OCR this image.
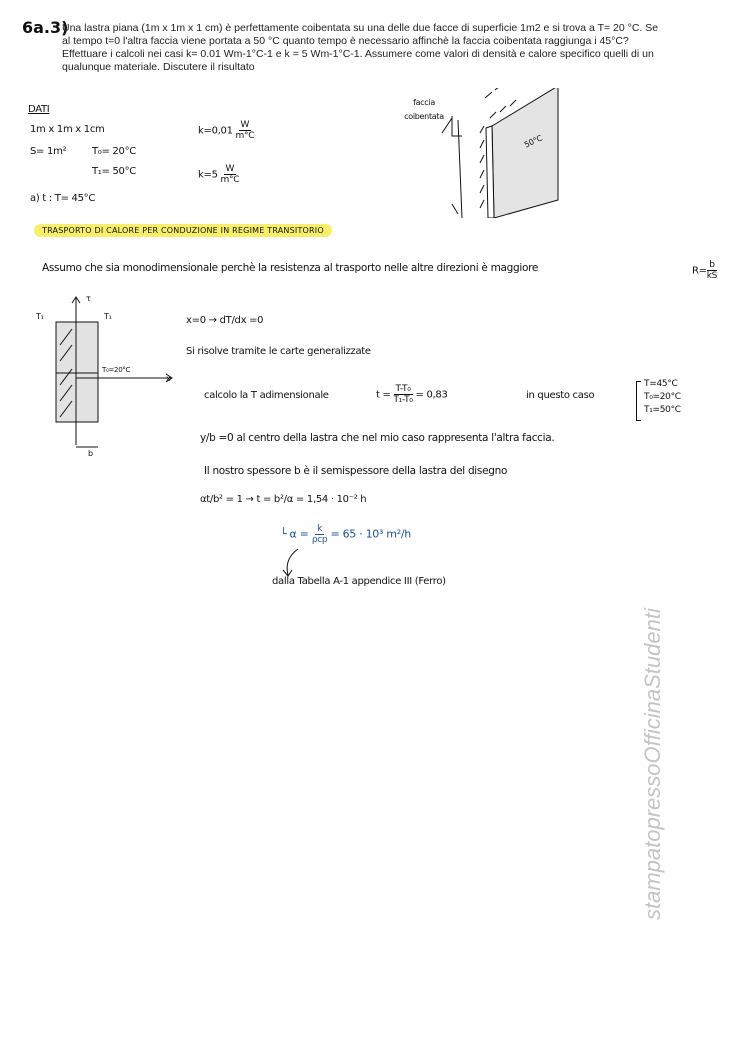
6a.3)
Una lastra piana (1m x 1m x 1 cm) è perfettamente coibentata su una delle due facce di superficie 1m2 e si trova a T= 20 °C. Se
al tempo t=0 l'altra faccia viene portata a 50 °C quanto tempo è necessario affinchè la faccia coibentata raggiunga i 45°C?
Effettuare i calcoli nei casi k= 0.01 Wm-1°C-1 e k = 5 Wm-1°C-1. Assumere come valori di densità e calore specifico quelli di un
qualunque materiale. Discutere il risultato
DATI
1m x 1m x 1cm
S= 1m²	T₀= 20°C
T₁= 50°C
a) t : T= 45°C
$k=0,01 \frac{W}{m^\circ C}$
$k=5 \frac{W}{m^\circ C}$
faccia coibentata
50°C
TRASPORTO DI CALORE PER CONDUZIONE IN REGIME TRANSITORIO
Assumo che sia monodimensionale perchè la resistenza al trasporto nelle altre direzioni è maggiore	$R= \frac{b}{kS}$
T₁	T₁
τ
x
T₀=20°C
b
x=0 → dT/dx =0
Si risolve tramite le carte generalizzate
calcolo la T adimensionale	$t = \frac{\text{T-T₀}}{\text{T₁-T₀}} = 0,83$	in questo caso
T=45°C
T₀=20°C
T₁=50°C
y/b =0 al centro della lastra che nel mio caso rappresenta l'altra faccia.
Il nostro spessore b è il semispessore della lastra del disegno
αt/b² = 1 → t = b²/α = 1,54 · 10⁻² h
└ $\alpha = \frac{k}{\text{ρcp}} = 65 \cdot 10^3$ m²/h
dalla Tabella A-1 appendice III (Ferro)
stampatopressoOfficinaStudenti
